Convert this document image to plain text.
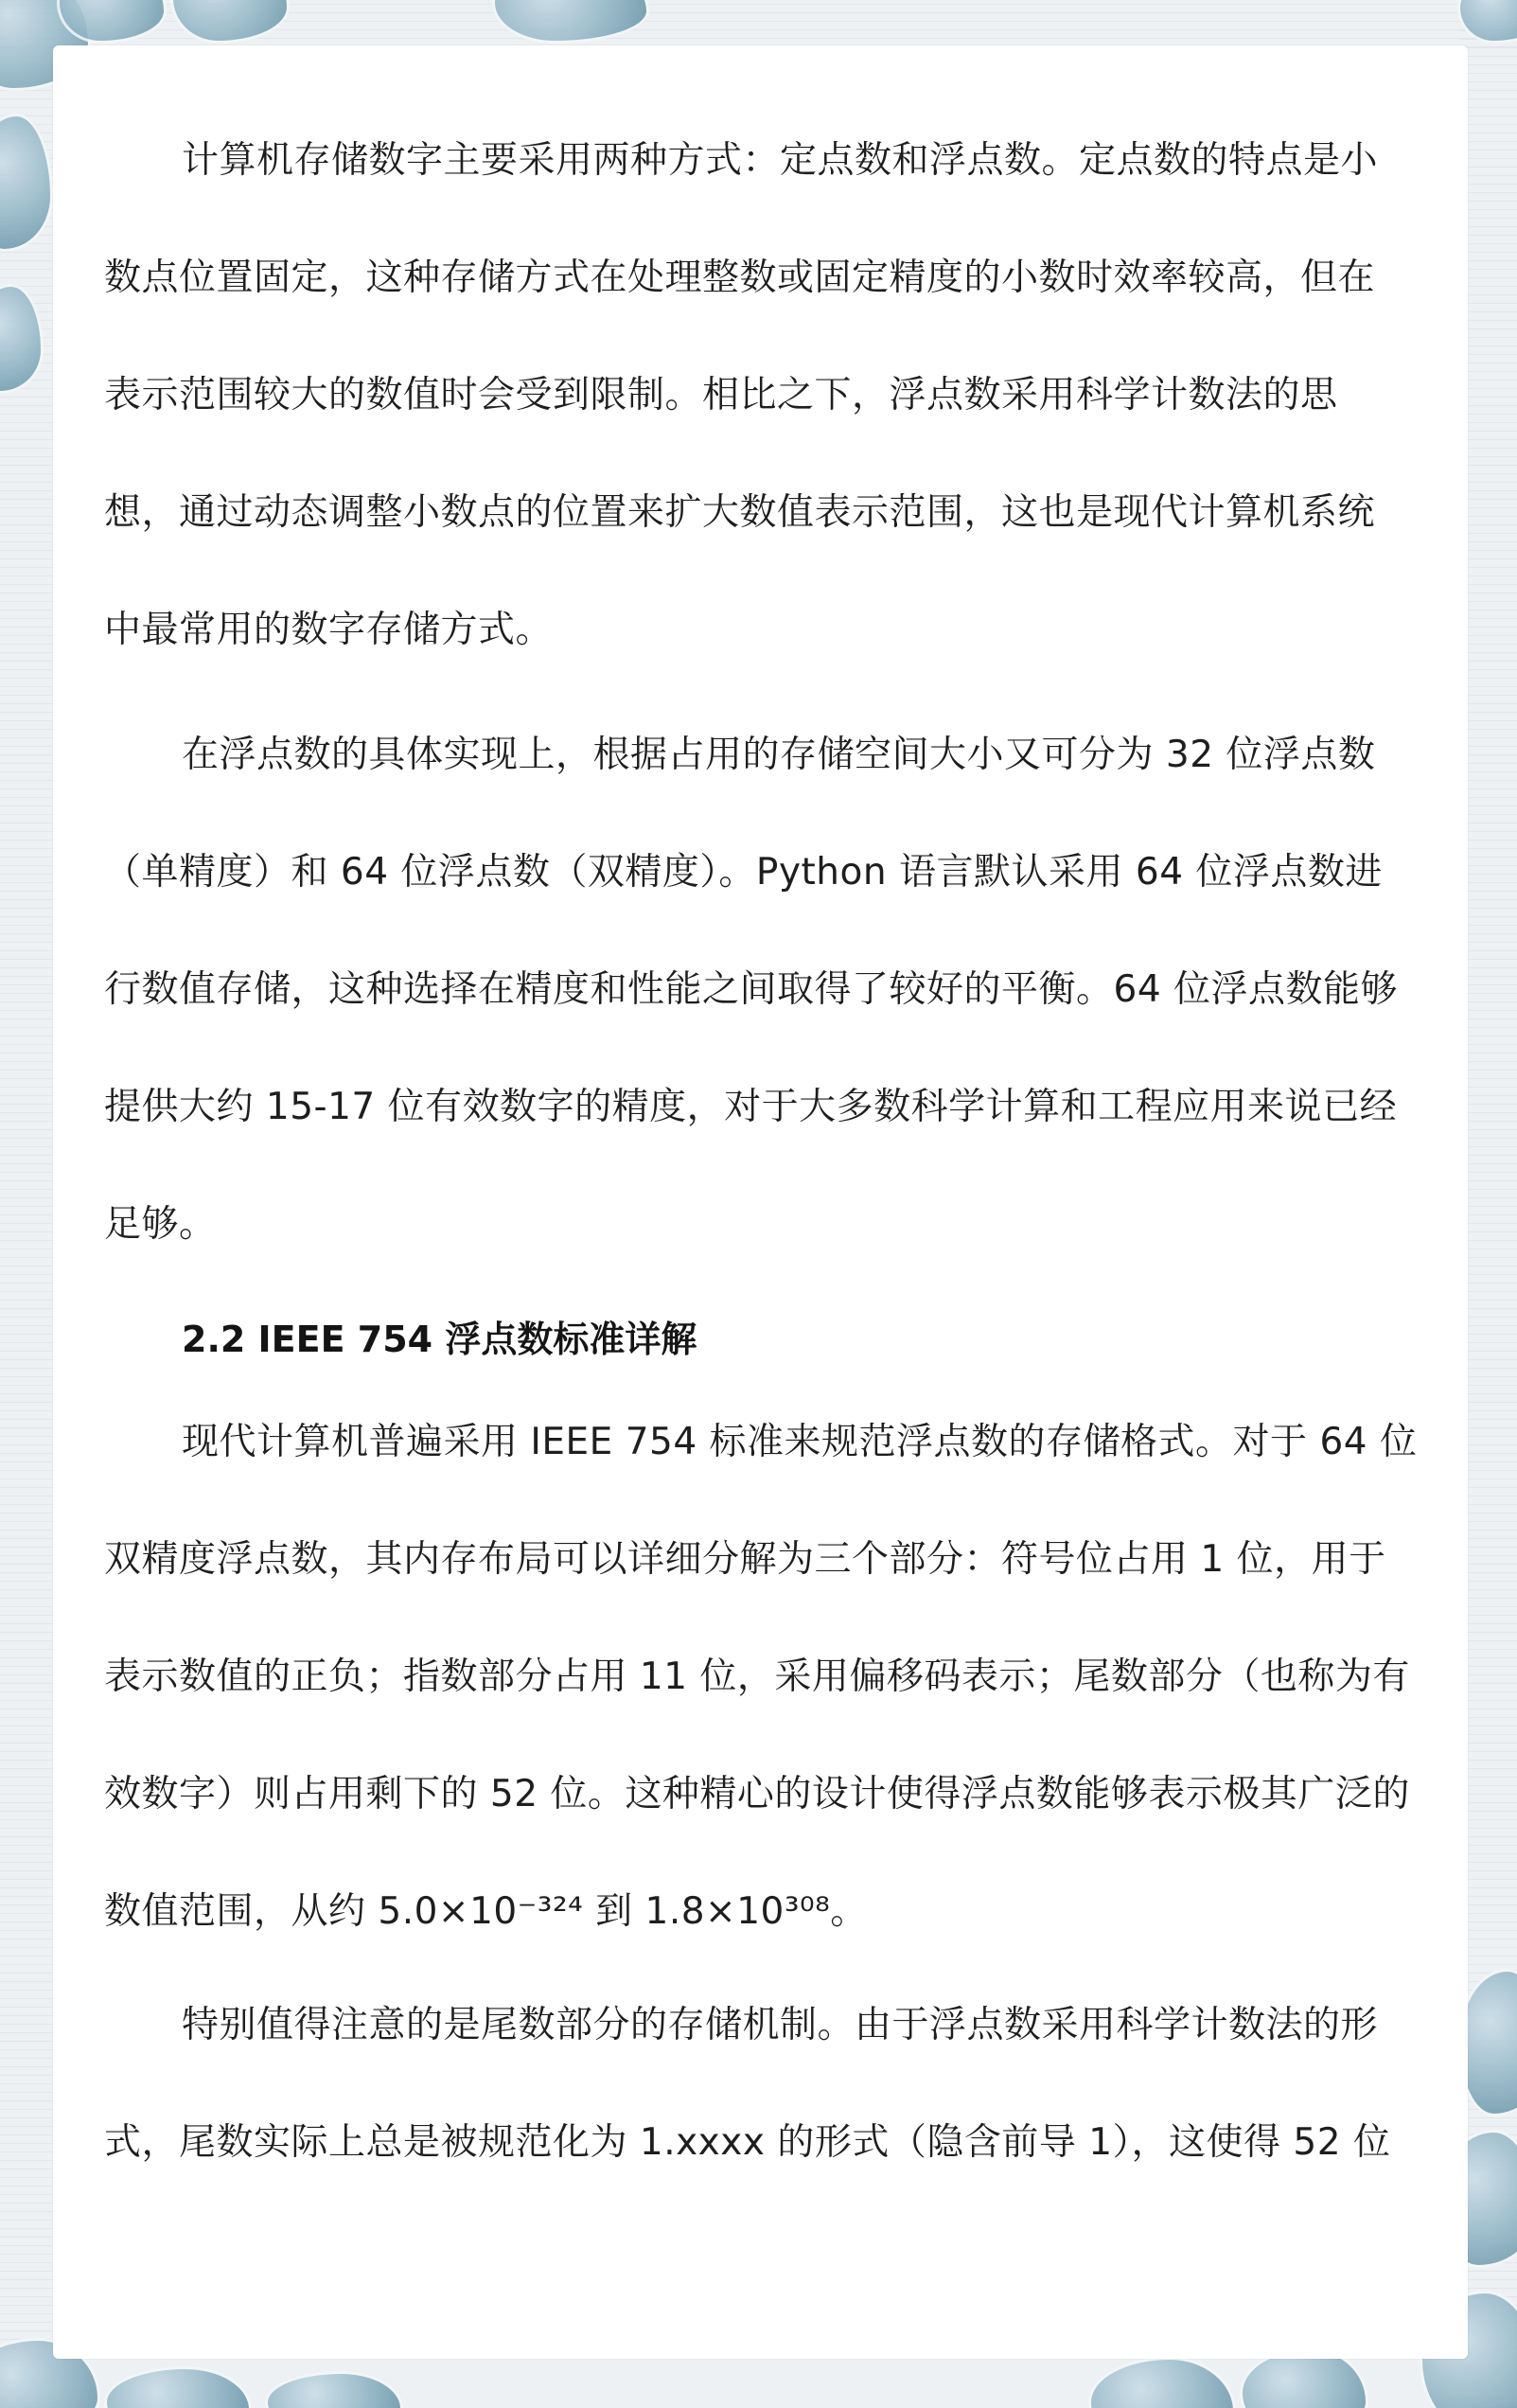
计算机存储数字主要采用两种方式：定点数和浮点数。定点数的特点是小
数点位置固定，这种存储方式在处理整数或固定精度的小数时效率较高，但在
表示范围较大的数值时会受到限制。相比之下，浮点数采用科学计数法的思
想，通过动态调整小数点的位置来扩大数值表示范围，这也是现代计算机系统
中最常用的数字存储方式。
在浮点数的具体实现上，根据占用的存储空间大小又可分为 32 位浮点数
（单精度）和 64 位浮点数（双精度）。Python 语言默认采用 64 位浮点数进
行数值存储，这种选择在精度和性能之间取得了较好的平衡。64 位浮点数能够
提供大约 15-17 位有效数字的精度，对于大多数科学计算和工程应用来说已经
足够。
2.2 IEEE 754 浮点数标准详解
现代计算机普遍采用 IEEE 754 标准来规范浮点数的存储格式。对于 64 位
双精度浮点数，其内存布局可以详细分解为三个部分：符号位占用 1 位，用于
表示数值的正负；指数部分占用 11 位，采用偏移码表示；尾数部分（也称为有
效数字）则占用剩下的 52 位。这种精心的设计使得浮点数能够表示极其广泛的
数值范围，从约 5.0×10⁻³²⁴ 到 1.8×10³⁰⁸。
特别值得注意的是尾数部分的存储机制。由于浮点数采用科学计数法的形
式，尾数实际上总是被规范化为 1.xxxx 的形式（隐含前导 1），这使得 52 位
